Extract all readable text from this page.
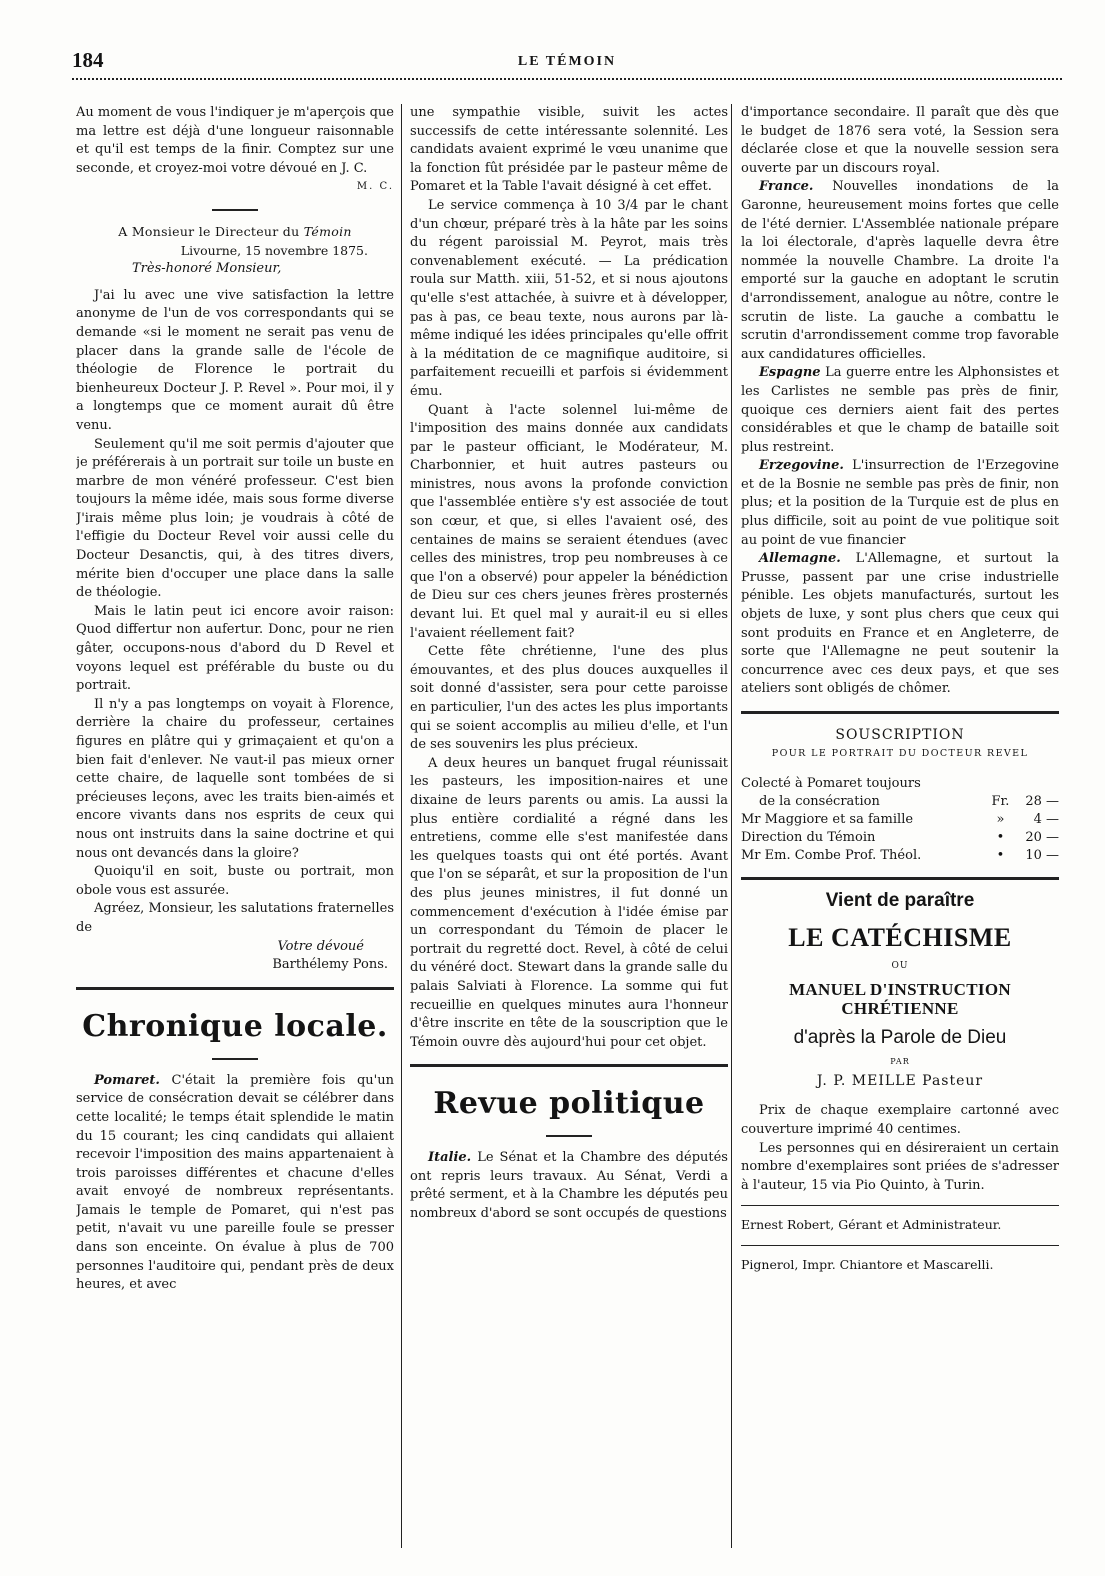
184	LE TÉMOIN

Au moment de vous l'indiquer je m'aperçois que ma lettre est déjà d'une longueur raisonnable et qu'il est temps de la finir. Comptez sur une seconde, et croyez-moi votre dévoué en J. C.

M. C.

A Monsieur le Directeur du Témoin

Livourne, 15 novembre 1875.

Très-honoré Monsieur,

J'ai lu avec une vive satisfaction la lettre anonyme de l'un de vos correspondants qui se demande «si le moment ne serait pas venu de placer dans la grande salle de l'école de théologie de Florence le portrait du bienheureux Docteur J. P. Revel ». Pour moi, il y a longtemps que ce moment aurait dû être venu.

Seulement qu'il me soit permis d'ajouter que je préférerais à un portrait sur toile un buste en marbre de mon vénéré professeur. C'est bien toujours la même idée, mais sous forme diverse J'irais même plus loin; je voudrais à côté de l'effigie du Docteur Revel voir aussi celle du Docteur Desanctis, qui, à des titres divers, mérite bien d'occuper une place dans la salle de théologie.

Mais le latin peut ici encore avoir raison: Quod differtur non aufertur. Donc, pour ne rien gâter, occupons-nous d'abord du D Revel et voyons lequel est préférable du buste ou du portrait.

Il n'y a pas longtemps on voyait à Florence, derrière la chaire du professeur, certaines figures en plâtre qui y grimaçaient et qu'on a bien fait d'enlever. Ne vaut-il pas mieux orner cette chaire, de laquelle sont tombées de si précieuses leçons, avec les traits bien-aimés et encore vivants dans nos esprits de ceux qui nous ont instruits dans la saine doctrine et qui nous ont devancés dans la gloire?

Quoiqu'il en soit, buste ou portrait, mon obole vous est assurée.

Agréez, Monsieur, les salutations fraternelles de

Votre dévoué

Barthélemy Pons.

Chronique locale.

Pomaret. C'était la première fois qu'un service de consécration devait se célébrer dans cette localité; le temps était splendide le matin du 15 courant; les cinq candidats qui allaient recevoir l'imposition des mains appartenaient à trois paroisses différentes et chacune d'elles avait envoyé de nombreux représentants. Jamais le temple de Pomaret, qui n'est pas petit, n'avait vu une pareille foule se presser dans son enceinte. On évalue à plus de 700 personnes l'auditoire qui, pendant près de deux heures, et avec

une sympathie visible, suivit les actes successifs de cette intéressante solennité. Les candidats avaient exprimé le vœu unanime que la fonction fût présidée par le pasteur même de Pomaret et la Table l'avait désigné à cet effet.

Le service commença à 10 3/4 par le chant d'un chœur, préparé très à la hâte par les soins du régent paroissial M. Peyrot, mais très convenablement exécuté. — La prédication roula sur Matth. xiii, 51-52, et si nous ajoutons qu'elle s'est attachée, à suivre et à développer, pas à pas, ce beau texte, nous aurons par là-même indiqué les idées principales qu'elle offrit à la méditation de ce magnifique auditoire, si parfaitement recueilli et parfois si évidemment ému.

Quant à l'acte solennel lui-même de l'imposition des mains donnée aux candidats par le pasteur officiant, le Modérateur, M. Charbonnier, et huit autres pasteurs ou ministres, nous avons la profonde conviction que l'assemblée entière s'y est associée de tout son cœur, et que, si elles l'avaient osé, des centaines de mains se seraient étendues (avec celles des ministres, trop peu nombreuses à ce que l'on a observé) pour appeler la bénédiction de Dieu sur ces chers jeunes frères prosternés devant lui. Et quel mal y aurait-il eu si elles l'avaient réellement fait?

Cette fête chrétienne, l'une des plus émouvantes, et des plus douces auxquelles il soit donné d'assister, sera pour cette paroisse en particulier, l'un des actes les plus importants qui se soient accomplis au milieu d'elle, et l'un de ses souvenirs les plus précieux.

A deux heures un banquet frugal réunissait les pasteurs, les imposition-naires et une dixaine de leurs parents ou amis. La aussi la plus entière cordialité a régné dans les entretiens, comme elle s'est manifestée dans les quelques toasts qui ont été portés. Avant que l'on se séparât, et sur la proposition de l'un des plus jeunes ministres, il fut donné un commencement d'exécution à l'idée émise par un correspondant du Témoin de placer le portrait du regretté doct. Revel, à côté de celui du vénéré doct. Stewart dans la grande salle du palais Salviati à Florence. La somme qui fut recueillie en quelques minutes aura l'honneur d'être inscrite en tête de la souscription que le Témoin ouvre dès aujourd'hui pour cet objet.

Revue politique

Italie. Le Sénat et la Chambre des députés ont repris leurs travaux. Au Sénat, Verdi a prêté serment, et à la Chambre les députés peu nombreux d'abord se sont occupés de questions

d'importance secondaire. Il paraît que dès que le budget de 1876 sera voté, la Session sera déclarée close et que la nouvelle session sera ouverte par un discours royal.

France. Nouvelles inondations de la Garonne, heureusement moins fortes que celle de l'été dernier. L'Assemblée nationale prépare la loi électorale, d'après laquelle devra être nommée la nouvelle Chambre. La droite l'a emporté sur la gauche en adoptant le scrutin d'arrondissement, analogue au nôtre, contre le scrutin de liste. La gauche a combattu le scrutin d'arrondissement comme trop favorable aux candidatures officielles.

Espagne La guerre entre les Alphonsistes et les Carlistes ne semble pas près de finir, quoique ces derniers aient fait des pertes considérables et que le champ de bataille soit plus restreint.

Erzegovine. L'insurrection de l'Erzegovine et de la Bosnie ne semble pas près de finir, non plus; et la position de la Turquie est de plus en plus difficile, soit au point de vue politique soit au point de vue financier

Allemagne. L'Allemagne, et surtout la Prusse, passent par une crise industrielle pénible. Les objets manufacturés, surtout les objets de luxe, y sont plus chers que ceux qui sont produits en France et en Angleterre, de sorte que l'Allemagne ne peut soutenir la concurrence avec ces deux pays, et que ses ateliers sont obligés de chômer.

SOUSCRIPTION

POUR LE PORTRAIT DU DOCTEUR REVEL

Colecté à Pomaret toujours		
de la consécration	Fr.	28 —
Mr Maggiore et sa famille	»	4 —
Direction du Témoin	•	20 —
Mr Em. Combe Prof. Théol.	•	10 —

Vient de paraître

LE CATÉCHISME

OU

MANUEL D'INSTRUCTION CHRÉTIENNE

d'après la Parole de Dieu

PAR

J. P. MEILLE Pasteur

Prix de chaque exemplaire cartonné avec couverture imprimé 40 centimes.

Les personnes qui en désireraient un certain nombre d'exemplaires sont priées de s'adresser à l'auteur, 15 via Pio Quinto, à Turin.

Ernest Robert, Gérant et Administrateur.

Pignerol, Impr. Chiantore et Mascarelli.
